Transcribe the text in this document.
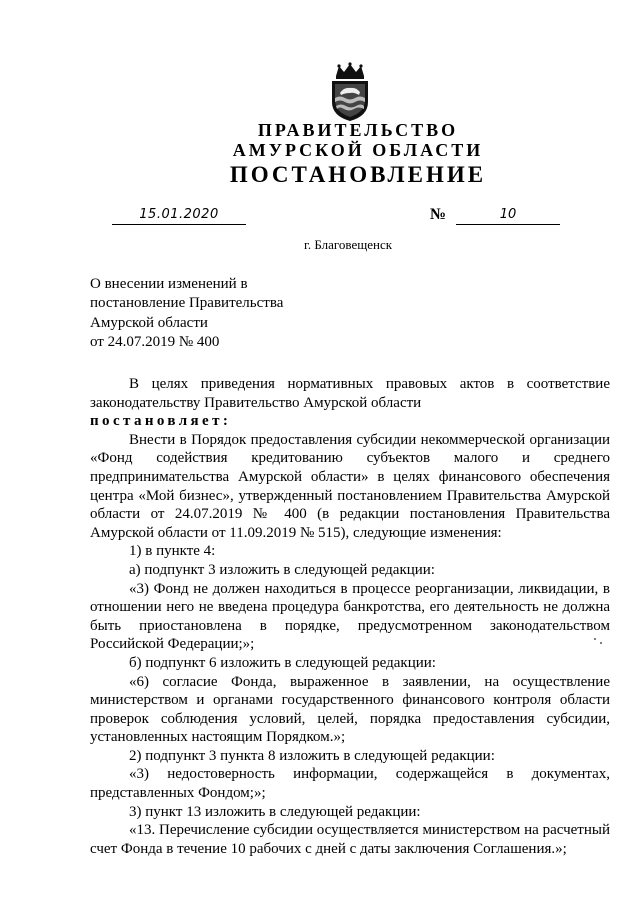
ПРАВИТЕЛЬСТВО
АМУРСКОЙ ОБЛАСТИ
ПОСТАНОВЛЕНИЕ
15.01.2020	№	10
г. Благовещенск
О внесении изменений в
постановление Правительства
Амурской области
от 24.07.2019 № 400

В целях приведения нормативных правовых актов в соответствие законодательству Правительство Амурской области

постановляет:

Внести в Порядок предоставления субсидии некоммерческой организации «Фонд содействия кредитованию субъектов малого и среднего предпринимательства Амурской области» в целях финансового обеспечения центра «Мой бизнес», утвержденный постановлением Правительства Амурской области от 24.07.2019 № 400 (в редакции постановления Правительства Амурской области от 11.09.2019 № 515), следующие изменения:

1) в пункте 4:

а) подпункт 3 изложить в следующей редакции:

«3) Фонд не должен находиться в процессе реорганизации, ликвидации, в отношении него не введена процедура банкротства, его деятельность не должна быть приостановлена в порядке, предусмотренном законодательством Российской Федерации;»;

б) подпункт 6 изложить в следующей редакции:

«6) согласие Фонда, выраженное в заявлении, на осуществление министерством и органами государственного финансового контроля области проверок соблюдения условий, целей, порядка предоставления субсидии, установленных настоящим Порядком.»;

2) подпункт 3 пункта 8 изложить в следующей редакции:

«3) недостоверность информации, содержащейся в документах, представленных Фондом;»;

3) пункт 13 изложить в следующей редакции:

«13. Перечисление субсидии осуществляется министерством на расчетный счет Фонда в течение 10 рабочих с дней с даты заключения Соглашения.»;
